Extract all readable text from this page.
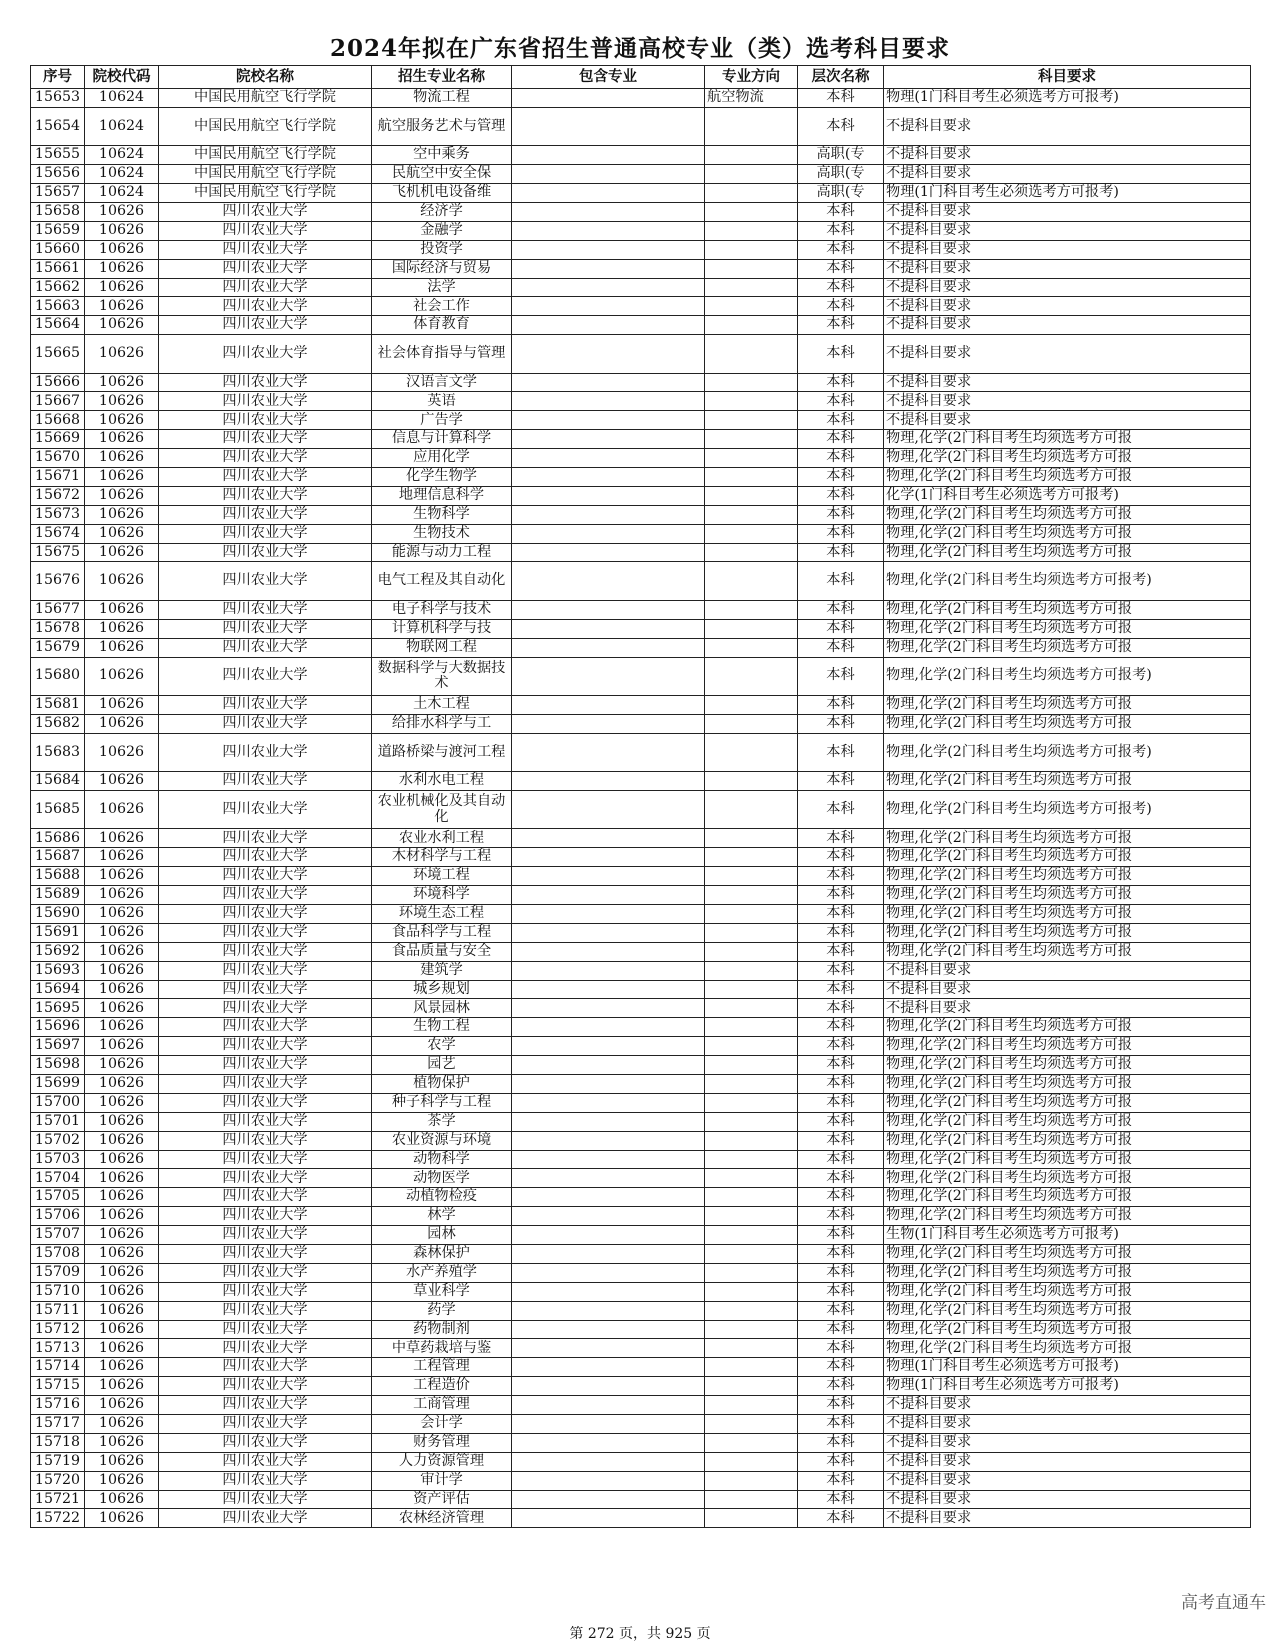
2024年拟在广东省招生普通高校专业（类）选考科目要求
序号	院校代码	院校名称	招生专业名称	包含专业	专业方向	层次名称	科目要求
15653	10624	中国民用航空飞行学院	物流工程		航空物流	本科	物理(1门科目考生必须选考方可报考)
15654	10624	中国民用航空飞行学院	航空服务艺术与管理			本科	不提科目要求
15655	10624	中国民用航空飞行学院	空中乘务			高职(专	不提科目要求
15656	10624	中国民用航空飞行学院	民航空中安全保			高职(专	不提科目要求
15657	10624	中国民用航空飞行学院	飞机机电设备维			高职(专	物理(1门科目考生必须选考方可报考)
15658	10626	四川农业大学	经济学			本科	不提科目要求
15659	10626	四川农业大学	金融学			本科	不提科目要求
15660	10626	四川农业大学	投资学			本科	不提科目要求
15661	10626	四川农业大学	国际经济与贸易			本科	不提科目要求
15662	10626	四川农业大学	法学			本科	不提科目要求
15663	10626	四川农业大学	社会工作			本科	不提科目要求
15664	10626	四川农业大学	体育教育			本科	不提科目要求
15665	10626	四川农业大学	社会体育指导与管理			本科	不提科目要求
15666	10626	四川农业大学	汉语言文学			本科	不提科目要求
15667	10626	四川农业大学	英语			本科	不提科目要求
15668	10626	四川农业大学	广告学			本科	不提科目要求
15669	10626	四川农业大学	信息与计算科学			本科	物理,化学(2门科目考生均须选考方可报
15670	10626	四川农业大学	应用化学			本科	物理,化学(2门科目考生均须选考方可报
15671	10626	四川农业大学	化学生物学			本科	物理,化学(2门科目考生均须选考方可报
15672	10626	四川农业大学	地理信息科学			本科	化学(1门科目考生必须选考方可报考)
15673	10626	四川农业大学	生物科学			本科	物理,化学(2门科目考生均须选考方可报
15674	10626	四川农业大学	生物技术			本科	物理,化学(2门科目考生均须选考方可报
15675	10626	四川农业大学	能源与动力工程			本科	物理,化学(2门科目考生均须选考方可报
15676	10626	四川农业大学	电气工程及其自动化			本科	物理,化学(2门科目考生均须选考方可报考)
15677	10626	四川农业大学	电子科学与技术			本科	物理,化学(2门科目考生均须选考方可报
15678	10626	四川农业大学	计算机科学与技			本科	物理,化学(2门科目考生均须选考方可报
15679	10626	四川农业大学	物联网工程			本科	物理,化学(2门科目考生均须选考方可报
15680	10626	四川农业大学	数据科学与大数据技术			本科	物理,化学(2门科目考生均须选考方可报考)
15681	10626	四川农业大学	土木工程			本科	物理,化学(2门科目考生均须选考方可报
15682	10626	四川农业大学	给排水科学与工			本科	物理,化学(2门科目考生均须选考方可报
15683	10626	四川农业大学	道路桥梁与渡河工程			本科	物理,化学(2门科目考生均须选考方可报考)
15684	10626	四川农业大学	水利水电工程			本科	物理,化学(2门科目考生均须选考方可报
15685	10626	四川农业大学	农业机械化及其自动化			本科	物理,化学(2门科目考生均须选考方可报考)
15686	10626	四川农业大学	农业水利工程			本科	物理,化学(2门科目考生均须选考方可报
15687	10626	四川农业大学	木材科学与工程			本科	物理,化学(2门科目考生均须选考方可报
15688	10626	四川农业大学	环境工程			本科	物理,化学(2门科目考生均须选考方可报
15689	10626	四川农业大学	环境科学			本科	物理,化学(2门科目考生均须选考方可报
15690	10626	四川农业大学	环境生态工程			本科	物理,化学(2门科目考生均须选考方可报
15691	10626	四川农业大学	食品科学与工程			本科	物理,化学(2门科目考生均须选考方可报
15692	10626	四川农业大学	食品质量与安全			本科	物理,化学(2门科目考生均须选考方可报
15693	10626	四川农业大学	建筑学			本科	不提科目要求
15694	10626	四川农业大学	城乡规划			本科	不提科目要求
15695	10626	四川农业大学	风景园林			本科	不提科目要求
15696	10626	四川农业大学	生物工程			本科	物理,化学(2门科目考生均须选考方可报
15697	10626	四川农业大学	农学			本科	物理,化学(2门科目考生均须选考方可报
15698	10626	四川农业大学	园艺			本科	物理,化学(2门科目考生均须选考方可报
15699	10626	四川农业大学	植物保护			本科	物理,化学(2门科目考生均须选考方可报
15700	10626	四川农业大学	种子科学与工程			本科	物理,化学(2门科目考生均须选考方可报
15701	10626	四川农业大学	茶学			本科	物理,化学(2门科目考生均须选考方可报
15702	10626	四川农业大学	农业资源与环境			本科	物理,化学(2门科目考生均须选考方可报
15703	10626	四川农业大学	动物科学			本科	物理,化学(2门科目考生均须选考方可报
15704	10626	四川农业大学	动物医学			本科	物理,化学(2门科目考生均须选考方可报
15705	10626	四川农业大学	动植物检疫			本科	物理,化学(2门科目考生均须选考方可报
15706	10626	四川农业大学	林学			本科	物理,化学(2门科目考生均须选考方可报
15707	10626	四川农业大学	园林			本科	生物(1门科目考生必须选考方可报考)
15708	10626	四川农业大学	森林保护			本科	物理,化学(2门科目考生均须选考方可报
15709	10626	四川农业大学	水产养殖学			本科	物理,化学(2门科目考生均须选考方可报
15710	10626	四川农业大学	草业科学			本科	物理,化学(2门科目考生均须选考方可报
15711	10626	四川农业大学	药学			本科	物理,化学(2门科目考生均须选考方可报
15712	10626	四川农业大学	药物制剂			本科	物理,化学(2门科目考生均须选考方可报
15713	10626	四川农业大学	中草药栽培与鉴			本科	物理,化学(2门科目考生均须选考方可报
15714	10626	四川农业大学	工程管理			本科	物理(1门科目考生必须选考方可报考)
15715	10626	四川农业大学	工程造价			本科	物理(1门科目考生必须选考方可报考)
15716	10626	四川农业大学	工商管理			本科	不提科目要求
15717	10626	四川农业大学	会计学			本科	不提科目要求
15718	10626	四川农业大学	财务管理			本科	不提科目要求
15719	10626	四川农业大学	人力资源管理			本科	不提科目要求
15720	10626	四川农业大学	审计学			本科	不提科目要求
15721	10626	四川农业大学	资产评估			本科	不提科目要求
15722	10626	四川农业大学	农林经济管理			本科	不提科目要求
第 272 页，共 925 页
高考直通车
